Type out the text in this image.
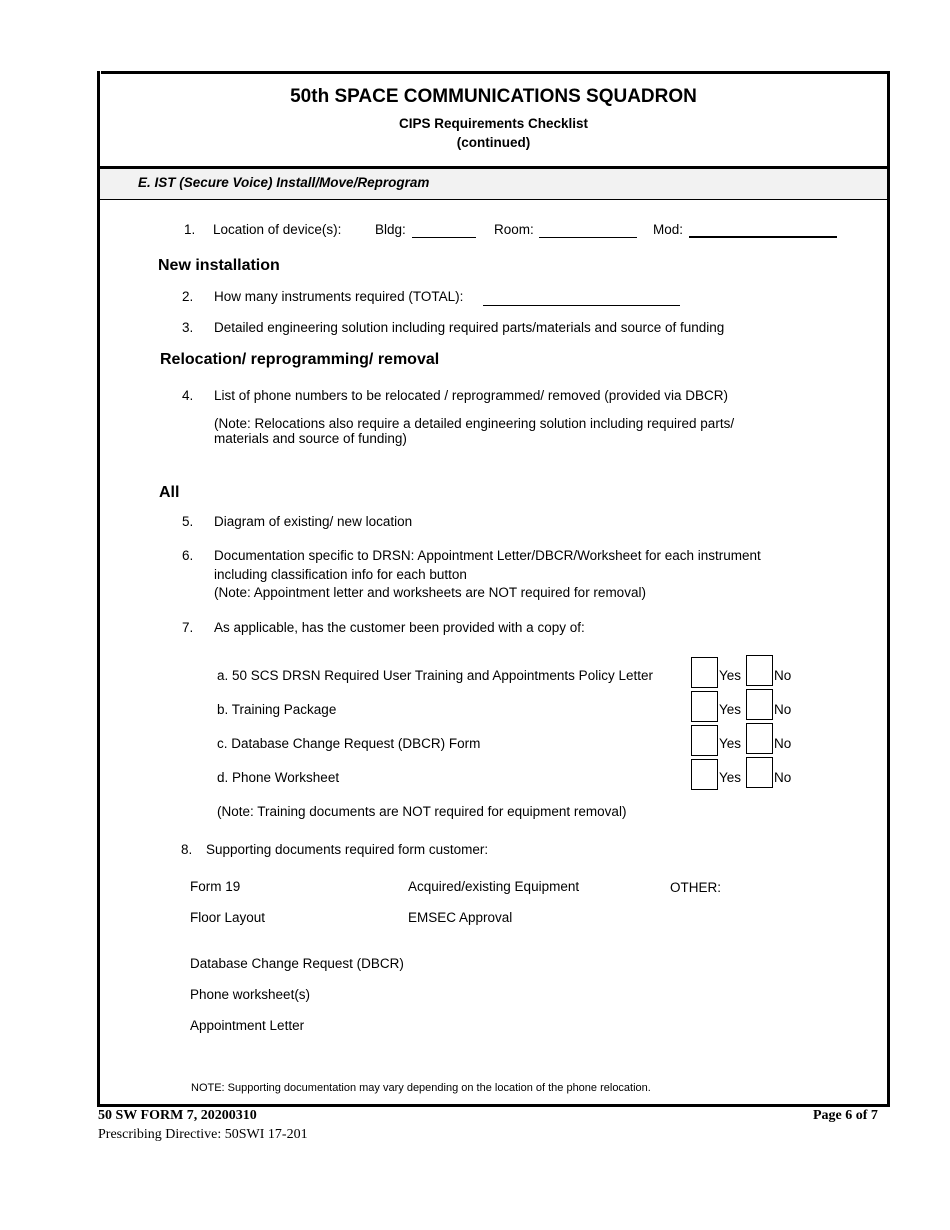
50th SPACE COMMUNICATIONS SQUADRON
CIPS Requirements Checklist
(continued)
E. IST (Secure Voice) Install/Move/Reprogram
1. Location of device(s): Bldg:	Room:	Mod:
New installation
2. How many instruments required (TOTAL):
3. Detailed engineering solution including required parts/materials and source of funding
Relocation/ reprogramming/ removal
4. List of phone numbers to be relocated / reprogrammed/ removed (provided via DBCR)
(Note: Relocations also require a detailed engineering solution including required parts/
materials and source of funding)
All
5. Diagram of existing/ new location
6. Documentation specific to DRSN: Appointment Letter/DBCR/Worksheet for each instrument
including classification info for each button
(Note: Appointment letter and worksheets are NOT required for removal)
7. As applicable, has the customer been provided with a copy of:
a. 50 SCS DRSN Required User Training and Appointments Policy Letter	Yes No
b. Training Package	Yes No
c. Database Change Request (DBCR) Form	Yes No
d. Phone Worksheet	Yes No
(Note: Training documents are NOT required for equipment removal)
8. Supporting documents required form customer:
Form 19	Acquired/existing Equipment	OTHER:
Floor Layout	EMSEC Approval
Database Change Request (DBCR)
Phone worksheet(s)
Appointment Letter
NOTE: Supporting documentation may vary depending on the location of the phone relocation.
50 SW FORM 7, 20200310
Prescribing Directive: 50SWI 17-201
Page 6 of 7
